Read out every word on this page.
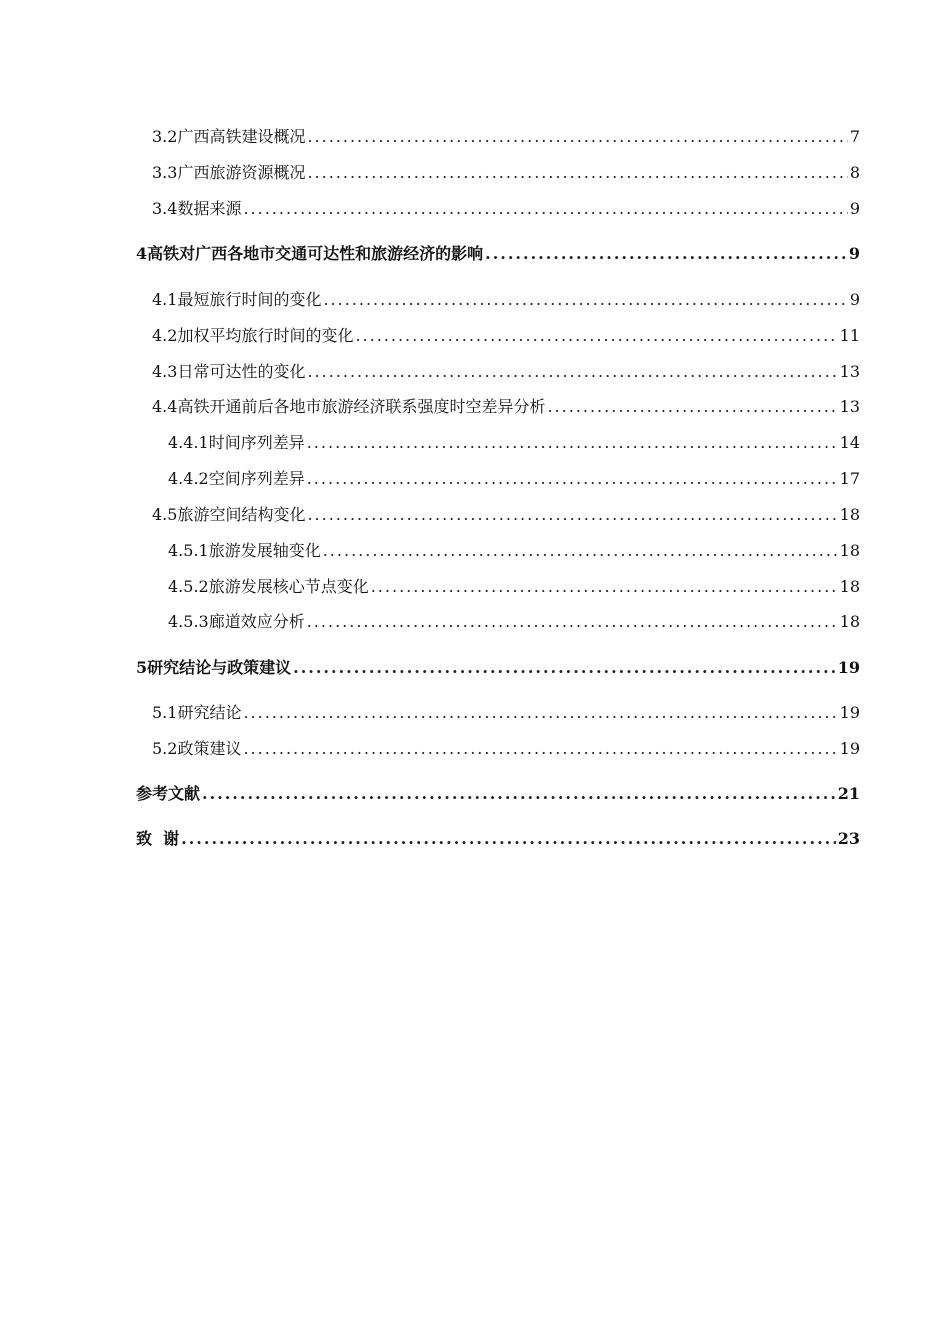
3.2广西高铁建设概况 .....	7
3.3广西旅游资源概况 .....	8
3.4数据来源 .....	9
4高铁对广西各地市交通可达性和旅游经济的影响 .....	9
4.1最短旅行时间的变化 .....	9
4.2加权平均旅行时间的变化 .....	11
4.3日常可达性的变化 .....	13
4.4高铁开通前后各地市旅游经济联系强度时空差异分析 .....	13
4.4.1时间序列差异 .....	14
4.4.2空间序列差异 .....	17
4.5旅游空间结构变化 .....	18
4.5.1旅游发展轴变化 .....	18
4.5.2旅游发展核心节点变化 .....	18
4.5.3廊道效应分析 .....	18
5研究结论与政策建议 .....	19
5.1研究结论 .....	19
5.2政策建议 .....	19
参考文献 .....	21
致  谢 .....	23
